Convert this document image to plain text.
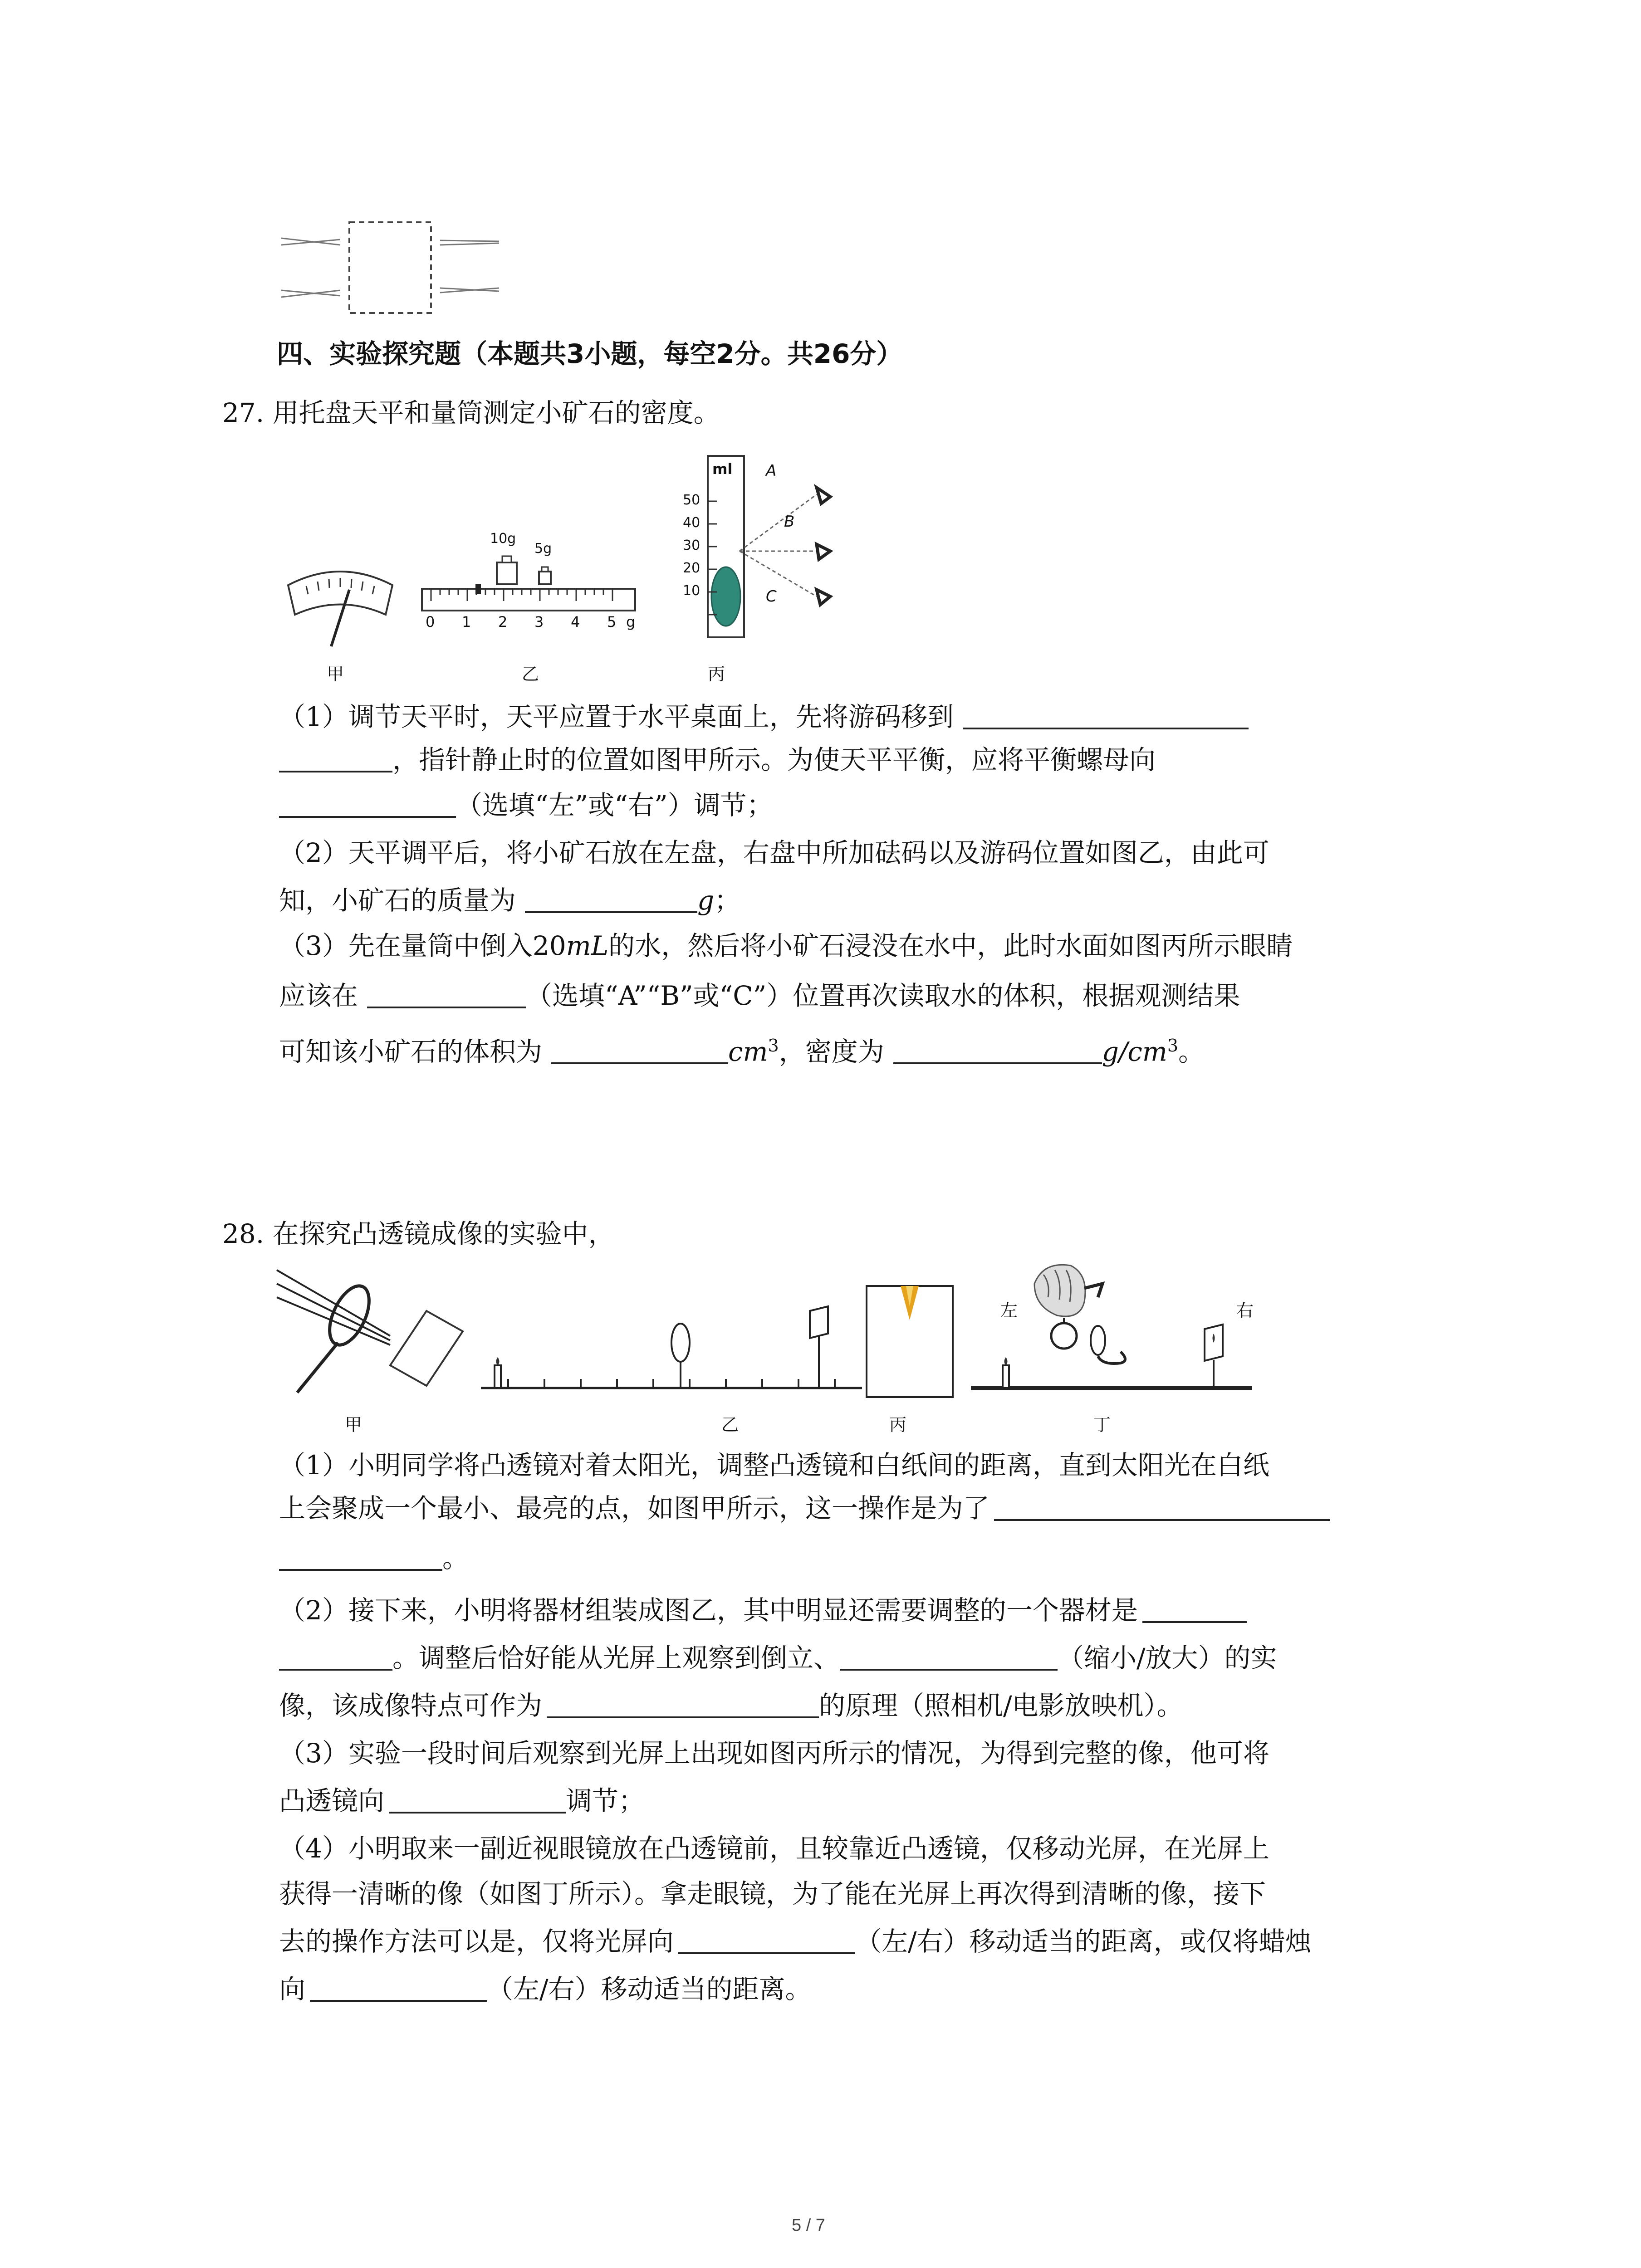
四、实验探究题（本题共3小题，每空2分。共26分）
27. 用托盘天平和量筒测定小矿石的密度。
甲
10g
5g
0 1 2 3 4 5 g
乙
ml
50
40
30
20
10
A
B
C
丙
（1）调节天平时，天平应置于水平桌面上，先将游码移到
，指针静止时的位置如图甲所示。为使天平平衡，应将平衡螺母向
（选填“左”或“右”）调节；
（2）天平调平后，将小矿石放在左盘，右盘中所加砝码以及游码位置如图乙，由此可
知，小矿石的质量为	g；
（3）先在量筒中倒入20mL的水，然后将小矿石浸没在水中，此时水面如图丙所示眼睛
应该在	（选填“A”“B”或“C”）位置再次读取水的体积，根据观测结果
可知该小矿石的体积为	$cm^3$，密度为	$g/cm^3$。
28. 在探究凸透镜成像的实验中，
甲	乙	丙
左	右
丁
（1）小明同学将凸透镜对着太阳光，调整凸透镜和白纸间的距离，直到太阳光在白纸
上会聚成一个最小、最亮的点，如图甲所示，这一操作是为了
。
（2）接下来，小明将器材组装成图乙，其中明显还需要调整的一个器材是
。调整后恰好能从光屏上观察到倒立、	（缩小/放大）的实
像，该成像特点可作为	的原理（照相机/电影放映机）。
（3）实验一段时间后观察到光屏上出现如图丙所示的情况，为得到完整的像，他可将
凸透镜向	调节；
（4）小明取来一副近视眼镜放在凸透镜前，且较靠近凸透镜，仅移动光屏，在光屏上
获得一清晰的像（如图丁所示）。拿走眼镜，为了能在光屏上再次得到清晰的像，接下
去的操作方法可以是，仅将光屏向	（左/右）移动适当的距离，或仅将蜡烛
向	（左/右）移动适当的距离。
5 / 7
